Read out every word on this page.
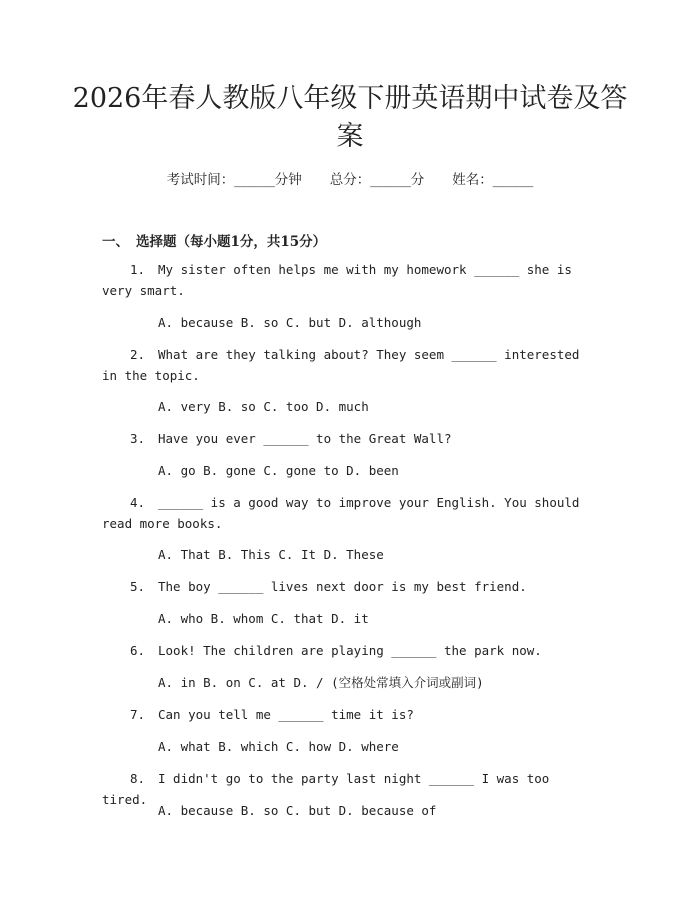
2026年春人教版八年级下册英语期中试卷及答案
考试时间：______分钟 总分：______分 姓名：______
一、 选择题（每小题1分，共15分）
1. My sister often helps me with my homework ______ she is very smart.
A. because B. so C. but D. although
2. What are they talking about? They seem ______ interested in the topic.
A. very B. so C. too D. much
3. Have you ever ______ to the Great Wall?
A. go B. gone C. gone to D. been
4. ______ is a good way to improve your English. You should read more books.
A. That B. This C. It D. These
5. The boy ______ lives next door is my best friend.
A. who B. whom C. that D. it
6. Look! The children are playing ______ the park now.
A. in B. on C. at D. / (空格处常填入介词或副词)
7. Can you tell me ______ time it is?
A. what B. which C. how D. where
8. I didn't go to the party last night ______ I was too tired.
A. because B. so C. but D. because of
